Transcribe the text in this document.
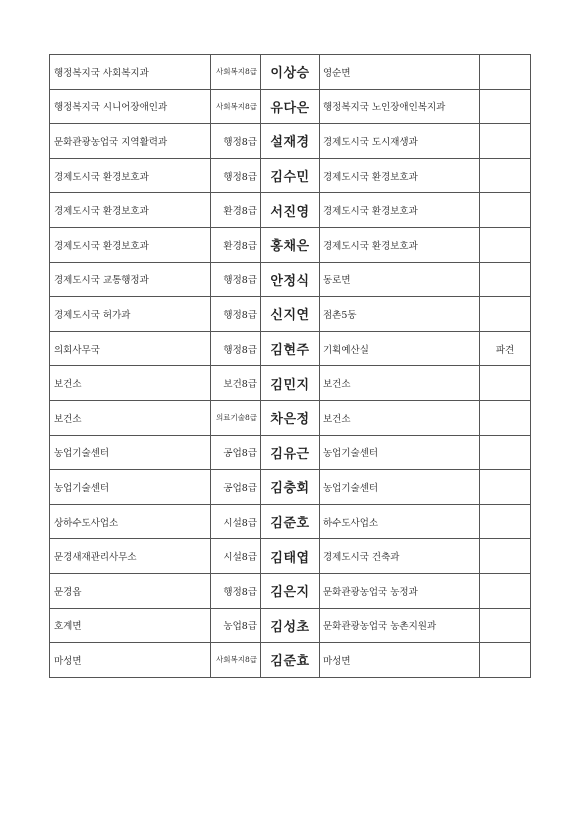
행정복지국 사회복지과	사회복지8급	이상승	영순면	
행정복지국 시니어장애인과	사회복지8급	유다은	행정복지국 노인장애인복지과	
문화관광농업국 지역활력과	행정8급	설재경	경제도시국 도시재생과	
경제도시국 환경보호과	행정8급	김수민	경제도시국 환경보호과	
경제도시국 환경보호과	환경8급	서진영	경제도시국 환경보호과	
경제도시국 환경보호과	환경8급	홍채은	경제도시국 환경보호과	
경제도시국 교통행정과	행정8급	안정식	동로면	
경제도시국 허가과	행정8급	신지연	점촌5동	
의회사무국	행정8급	김현주	기획예산실	파견
보건소	보건8급	김민지	보건소	
보건소	의료기술8급	차은정	보건소	
농업기술센터	공업8급	김유근	농업기술센터	
농업기술센터	공업8급	김충회	농업기술센터	
상하수도사업소	시설8급	김준호	하수도사업소	
문경새재관리사무소	시설8급	김태엽	경제도시국 건축과	
문경읍	행정8급	김은지	문화관광농업국 농정과	
호계면	농업8급	김성초	문화관광농업국 농촌지원과	
마성면	사회복지8급	김준효	마성면	
